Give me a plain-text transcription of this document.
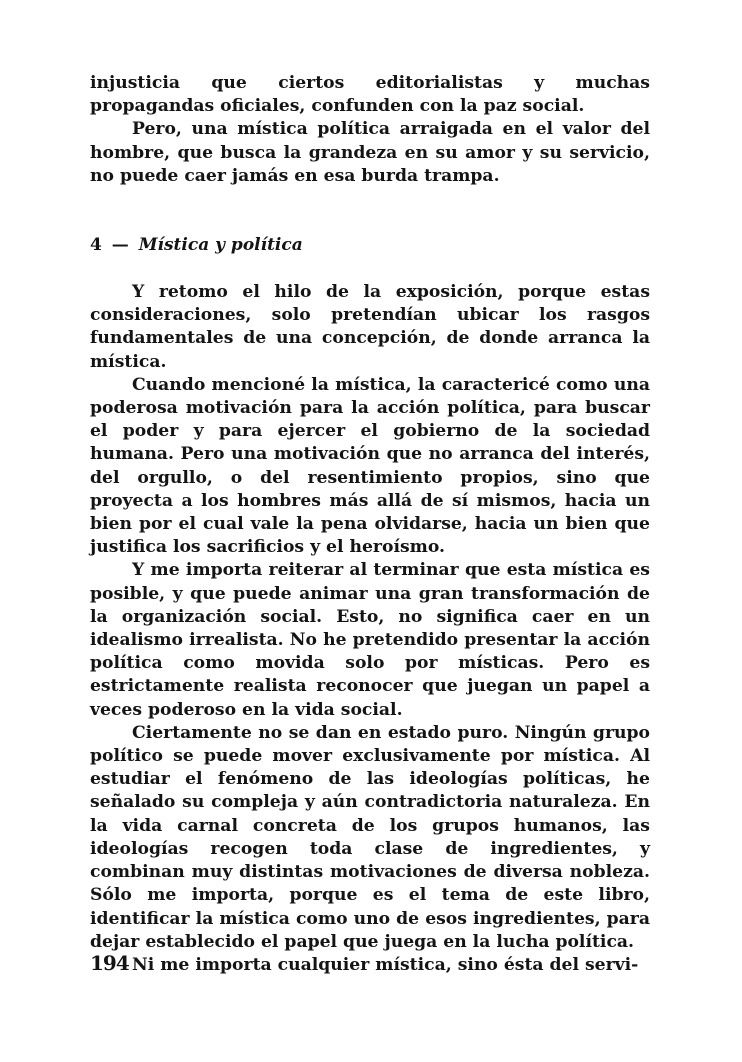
injusticia que ciertos editorialistas y muchas propagandas oficiales, confunden con la paz social.

Pero, una mística política arraigada en el valor del hombre, que busca la grandeza en su amor y su servicio, no puede caer jamás en esa burda trampa.

4 — Mística y política

Y retomo el hilo de la exposición, porque estas consideraciones, solo pretendían ubicar los rasgos fundamentales de una concepción, de donde arranca la mística.

Cuando mencioné la mística, la caractericé como una poderosa motivación para la acción política, para buscar el poder y para ejercer el gobierno de la sociedad humana. Pero una motivación que no arranca del interés, del orgullo, o del resentimiento propios, sino que proyecta a los hombres más allá de sí mismos, hacia un bien por el cual vale la pena olvidarse, hacia un bien que justifica los sacrificios y el heroísmo.

Y me importa reiterar al terminar que esta mística es posible, y que puede animar una gran transformación de la organización social. Esto, no significa caer en un idealismo irrealista. No he pretendido presentar la acción política como movida solo por místicas. Pero es estrictamente realista reconocer que juegan un papel a veces poderoso en la vida social.

Ciertamente no se dan en estado puro. Ningún grupo político se puede mover exclusivamente por mística. Al estudiar el fenómeno de las ideologías políticas, he señalado su compleja y aún contradictoria naturaleza. En la vida carnal concreta de los grupos humanos, las ideologías recogen toda clase de ingredientes, y combinan muy distintas motivaciones de diversa nobleza. Sólo me importa, porque es el tema de este libro, identificar la mística como uno de esos ingredientes, para dejar establecido el papel que juega en la lucha política.

Ni me importa cualquier mística, sino ésta del servi-

194
